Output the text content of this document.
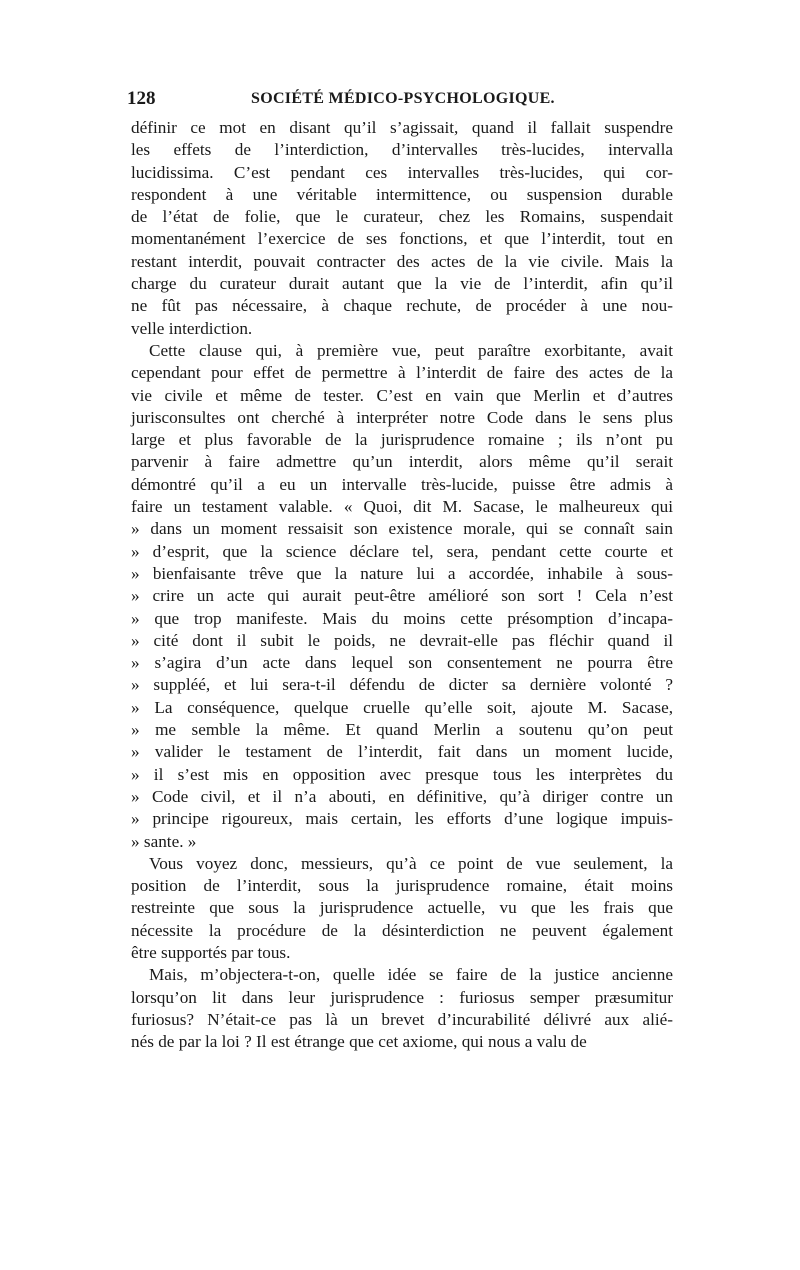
128	SOCIÉTÉ MÉDICO-PSYCHOLOGIQUE.
définir ce mot en disant qu’il s’agissait, quand il fallait suspendre
les effets de l’interdiction, d’intervalles très-lucides, intervalla
lucidissima. C’est pendant ces intervalles très-lucides, qui cor-
respondent à une véritable intermittence, ou suspension durable
de l’état de folie, que le curateur, chez les Romains, suspendait
momentanément l’exercice de ses fonctions, et que l’interdit, tout en
restant interdit, pouvait contracter des actes de la vie civile. Mais la
charge du curateur durait autant que la vie de l’interdit, afin qu’il
ne fût pas nécessaire, à chaque rechute, de procéder à une nou-
velle interdiction.
Cette clause qui, à première vue, peut paraître exorbitante, avait
cependant pour effet de permettre à l’interdit de faire des actes de la
vie civile et même de tester. C’est en vain que Merlin et d’autres
jurisconsultes ont cherché à interpréter notre Code dans le sens plus
large et plus favorable de la jurisprudence romaine ; ils n’ont pu
parvenir à faire admettre qu’un interdit, alors même qu’il serait
démontré qu’il a eu un intervalle très-lucide, puisse être admis à
faire un testament valable. « Quoi, dit M. Sacase, le malheureux qui
» dans un moment ressaisit son existence morale, qui se connaît sain
» d’esprit, que la science déclare tel, sera, pendant cette courte et
» bienfaisante trêve que la nature lui a accordée, inhabile à sous-
» crire un acte qui aurait peut-être amélioré son sort ! Cela n’est
» que trop manifeste. Mais du moins cette présomption d’incapa-
» cité dont il subit le poids, ne devrait-elle pas fléchir quand il
» s’agira d’un acte dans lequel son consentement ne pourra être
» suppléé, et lui sera-t-il défendu de dicter sa dernière volonté ?
» La conséquence, quelque cruelle qu’elle soit, ajoute M. Sacase,
» me semble la même. Et quand Merlin a soutenu qu’on peut
» valider le testament de l’interdit, fait dans un moment lucide,
» il s’est mis en opposition avec presque tous les interprètes du
» Code civil, et il n’a abouti, en définitive, qu’à diriger contre un
» principe rigoureux, mais certain, les efforts d’une logique impuis-
» sante. »
Vous voyez donc, messieurs, qu’à ce point de vue seulement, la
position de l’interdit, sous la jurisprudence romaine, était moins
restreinte que sous la jurisprudence actuelle, vu que les frais que
nécessite la procédure de la désinterdiction ne peuvent également
être supportés par tous.
Mais, m’objectera-t-on, quelle idée se faire de la justice ancienne
lorsqu’on lit dans leur jurisprudence : furiosus semper præsumitur
furiosus? N’était-ce pas là un brevet d’incurabilité délivré aux alié-
nés de par la loi ? Il est étrange que cet axiome, qui nous a valu de
